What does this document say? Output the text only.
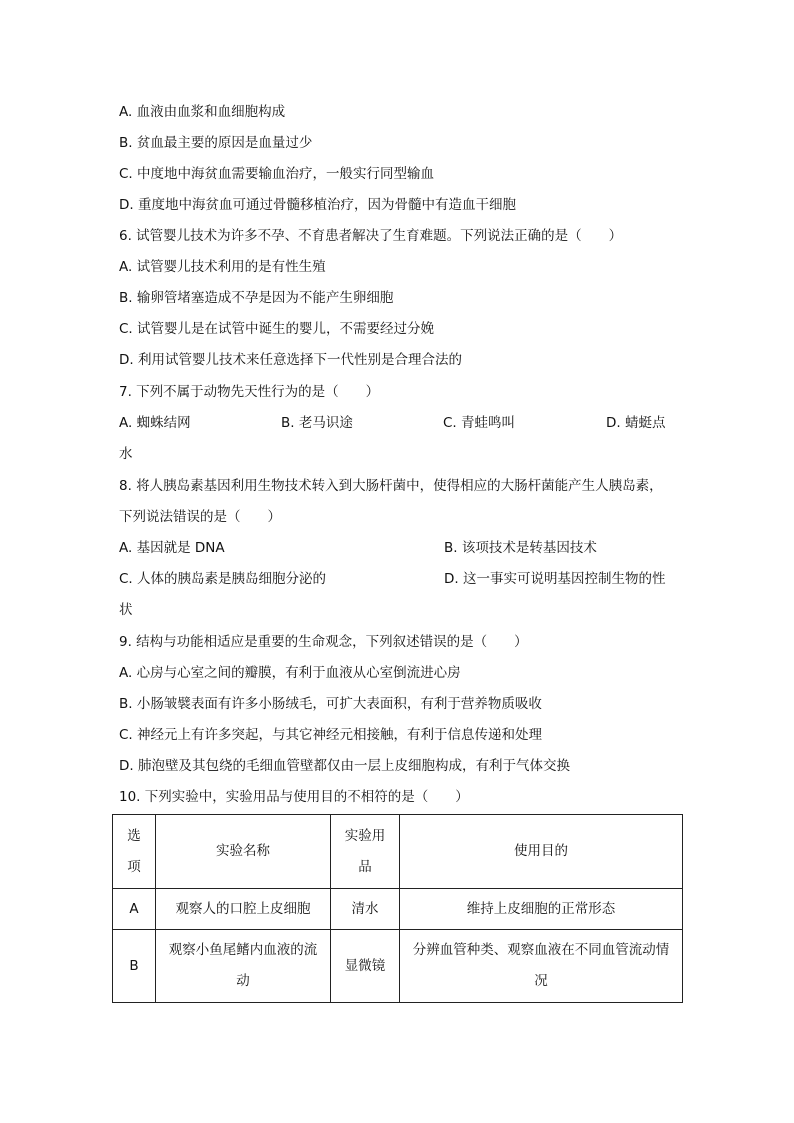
A. 血液由血浆和血细胞构成
B. 贫血最主要的原因是血量过少
C. 中度地中海贫血需要输血治疗，一般实行同型输血
D. 重度地中海贫血可通过骨髓移植治疗，因为骨髓中有造血干细胞
6. 试管婴儿技术为许多不孕、不育患者解决了生育难题。下列说法正确的是（　　）
A. 试管婴儿技术利用的是有性生殖
B. 输卵管堵塞造成不孕是因为不能产生卵细胞
C. 试管婴儿是在试管中诞生的婴儿，不需要经过分娩
D. 利用试管婴儿技术来任意选择下一代性别是合理合法的
7. 下列不属于动物先天性行为的是（　　）
A. 蜘蛛结网	B. 老马识途	C. 青蛙鸣叫	D. 蜻蜓点
水
8. 将人胰岛素基因利用生物技术转入到大肠杆菌中，使得相应的大肠杆菌能产生人胰岛素，
下列说法错误的是（　　）
A. 基因就是 DNA	B. 该项技术是转基因技术
C. 人体的胰岛素是胰岛细胞分泌的	D. 这一事实可说明基因控制生物的性
状
9. 结构与功能相适应是重要的生命观念，下列叙述错误的是（　　）
A. 心房与心室之间的瓣膜，有利于血液从心室倒流进心房
B. 小肠皱襞表面有许多小肠绒毛，可扩大表面积，有利于营养物质吸收
C. 神经元上有许多突起，与其它神经元相接触，有利于信息传递和处理
D. 肺泡壁及其包绕的毛细血管壁都仅由一层上皮细胞构成，有利于气体交换
10. 下列实验中，实验用品与使用目的不相符的是（　　）
选项	实验名称	实验用品	使用目的
A	观察人的口腔上皮细胞	清水	维持上皮细胞的正常形态
B	观察小鱼尾鳍内血液的流动	显微镜	分辨血管种类、观察血液在不同血管流动情况
